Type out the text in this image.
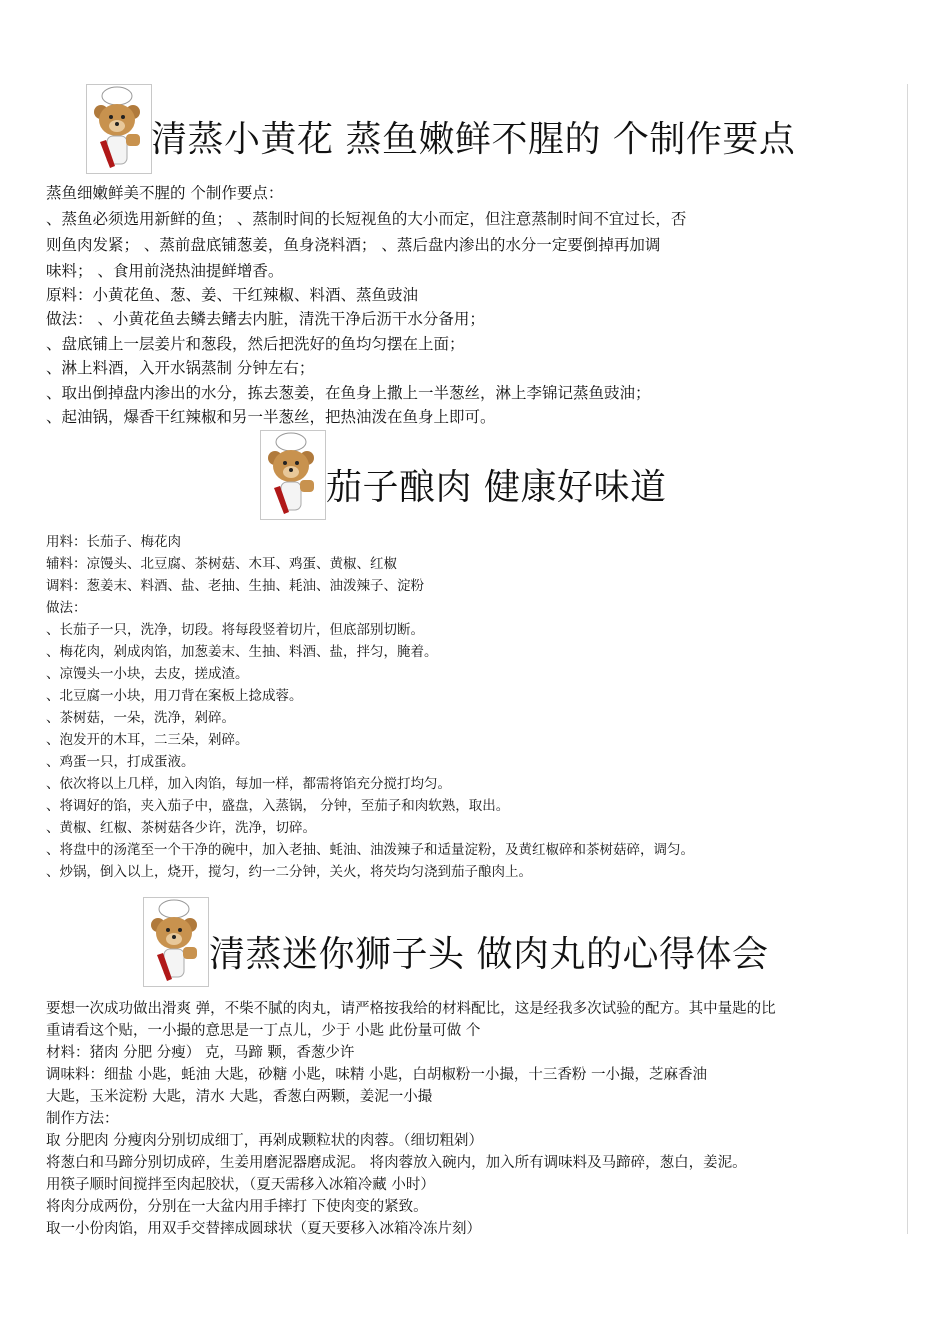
清蒸小黄花 蒸鱼嫩鲜不腥的 个制作要点
蒸鱼细嫩鲜美不腥的 个制作要点：
、蒸鱼必须选用新鲜的鱼； 、蒸制时间的长短视鱼的大小而定，但注意蒸制时间不宜过长，否
则鱼肉发紧； 、蒸前盘底铺葱姜，鱼身浇料酒； 、蒸后盘内渗出的水分一定要倒掉再加调
味料； 、食用前浇热油提鲜增香。
原料：小黄花鱼、葱、姜、干红辣椒、料酒、蒸鱼豉油
做法： 、小黄花鱼去鳞去鳍去内脏，清洗干净后沥干水分备用；
、盘底铺上一层姜片和葱段，然后把洗好的鱼均匀摆在上面；
、淋上料酒，入开水锅蒸制 分钟左右；
、取出倒掉盘内渗出的水分，拣去葱姜，在鱼身上撒上一半葱丝，淋上李锦记蒸鱼豉油；
、起油锅，爆香干红辣椒和另一半葱丝，把热油泼在鱼身上即可。
茄子酿肉 健康好味道
用料：长茄子、梅花肉
辅料：凉馒头、北豆腐、茶树菇、木耳、鸡蛋、黄椒、红椒
调料：葱姜末、料酒、盐、老抽、生抽、耗油、油泼辣子、淀粉
做法：
、长茄子一只，洗净，切段。将每段竖着切片，但底部别切断。
、梅花肉，剁成肉馅，加葱姜末、生抽、料酒、盐，拌匀，腌着。
、凉馒头一小块，去皮，搓成渣。
、北豆腐一小块，用刀背在案板上捻成蓉。
、茶树菇，一朵，洗净，剁碎。
、泡发开的木耳，二三朵，剁碎。
、鸡蛋一只，打成蛋液。
、依次将以上几样，加入肉馅，每加一样，都需将馅充分搅打均匀。
、将调好的馅，夹入茄子中，盛盘，入蒸锅， 分钟，至茄子和肉软熟，取出。
、黄椒、红椒、茶树菇各少许，洗净，切碎。
、将盘中的汤滗至一个干净的碗中，加入老抽、蚝油、油泼辣子和适量淀粉，及黄红椒碎和茶树菇碎，调匀。
、炒锅，倒入以上，烧开，搅匀，约一二分钟，关火，将芡均匀浇到茄子酿肉上。
清蒸迷你狮子头 做肉丸的心得体会
要想一次成功做出滑爽 弹，不柴不腻的肉丸，请严格按我给的材料配比，这是经我多次试验的配方。其中量匙的比
重请看这个贴，一小撮的意思是一丁点儿，少于 小匙 此份量可做 个
材料：猪肉 分肥 分瘦） 克，马蹄 颗，香葱少许
调味料：细盐 小匙，蚝油 大匙，砂糖 小匙，味精 小匙，白胡椒粉一小撮，十三香粉 一小撮，芝麻香油
大匙，玉米淀粉 大匙，清水 大匙，香葱白两颗，姜泥一小撮
制作方法：
取 分肥肉 分瘦肉分别切成细丁，再剁成颗粒状的肉蓉。（细切粗剁）
将葱白和马蹄分别切成碎，生姜用磨泥器磨成泥。 将肉蓉放入碗内，加入所有调味料及马蹄碎，葱白，姜泥。
用筷子顺时间搅拌至肉起胶状，（夏天需移入冰箱冷藏 小时）
将肉分成两份，分别在一大盆内用手摔打 下使肉变的紧致。
取一小份肉馅，用双手交替摔成圆球状（夏天要移入冰箱冷冻片刻）
